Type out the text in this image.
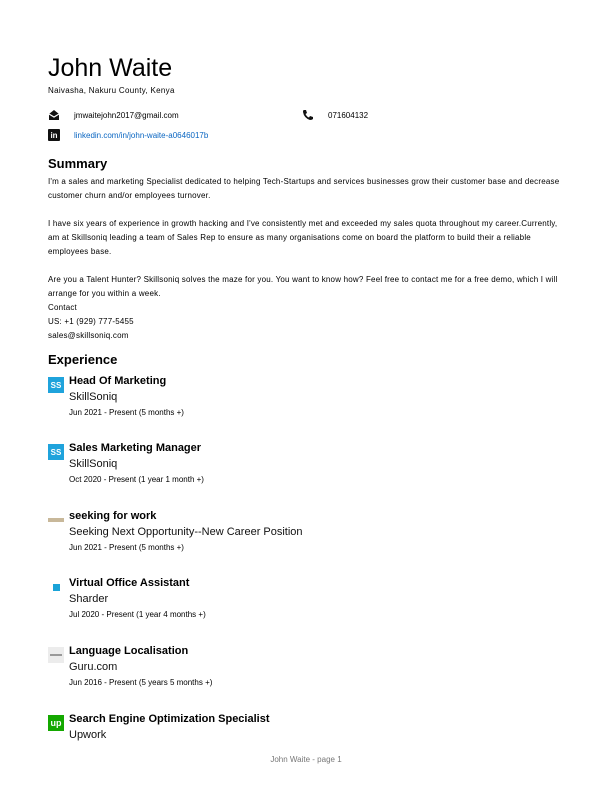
John Waite
Naivasha, Nakuru County, Kenya
jmwaitejohn2017@gmail.com	071604132
in	linkedin.com/in/john-waite-a0646017b
Summary

I'm a sales and marketing Specialist dedicated to helping Tech-Startups and services businesses grow their customer base and decrease customer churn and/or employees turnover.

I have six years of experience in growth hacking and I've consistently met and exceeded my sales quota throughout my career.Currently, am at Skillsoniq leading a team of Sales Rep to ensure as many organisations come on board the platform to build their a reliable employees base.

Are you a Talent Hunter? Skillsoniq solves the maze for you. You want to know how? Feel free to contact me for a free demo, which I will arrange for you within a week.

Contact

US: +1 (929) 777-5455

sales@skillsoniq.com

Experience
SS Head Of Marketing
SkillSoniq
Jun 2021 - Present (5 months +)
SS Sales Marketing Manager
SkillSoniq
Oct 2020 - Present (1 year 1 month +)
seeking for work
Seeking Next Opportunity--New Career Position
Jun 2021 - Present (5 months +)
Virtual Office Assistant
Sharder
Jul 2020 - Present (1 year 4 months +)
Language Localisation
Guru.com
Jun 2016 - Present (5 years 5 months +)
up Search Engine Optimization Specialist
Upwork
John Waite - page 1
